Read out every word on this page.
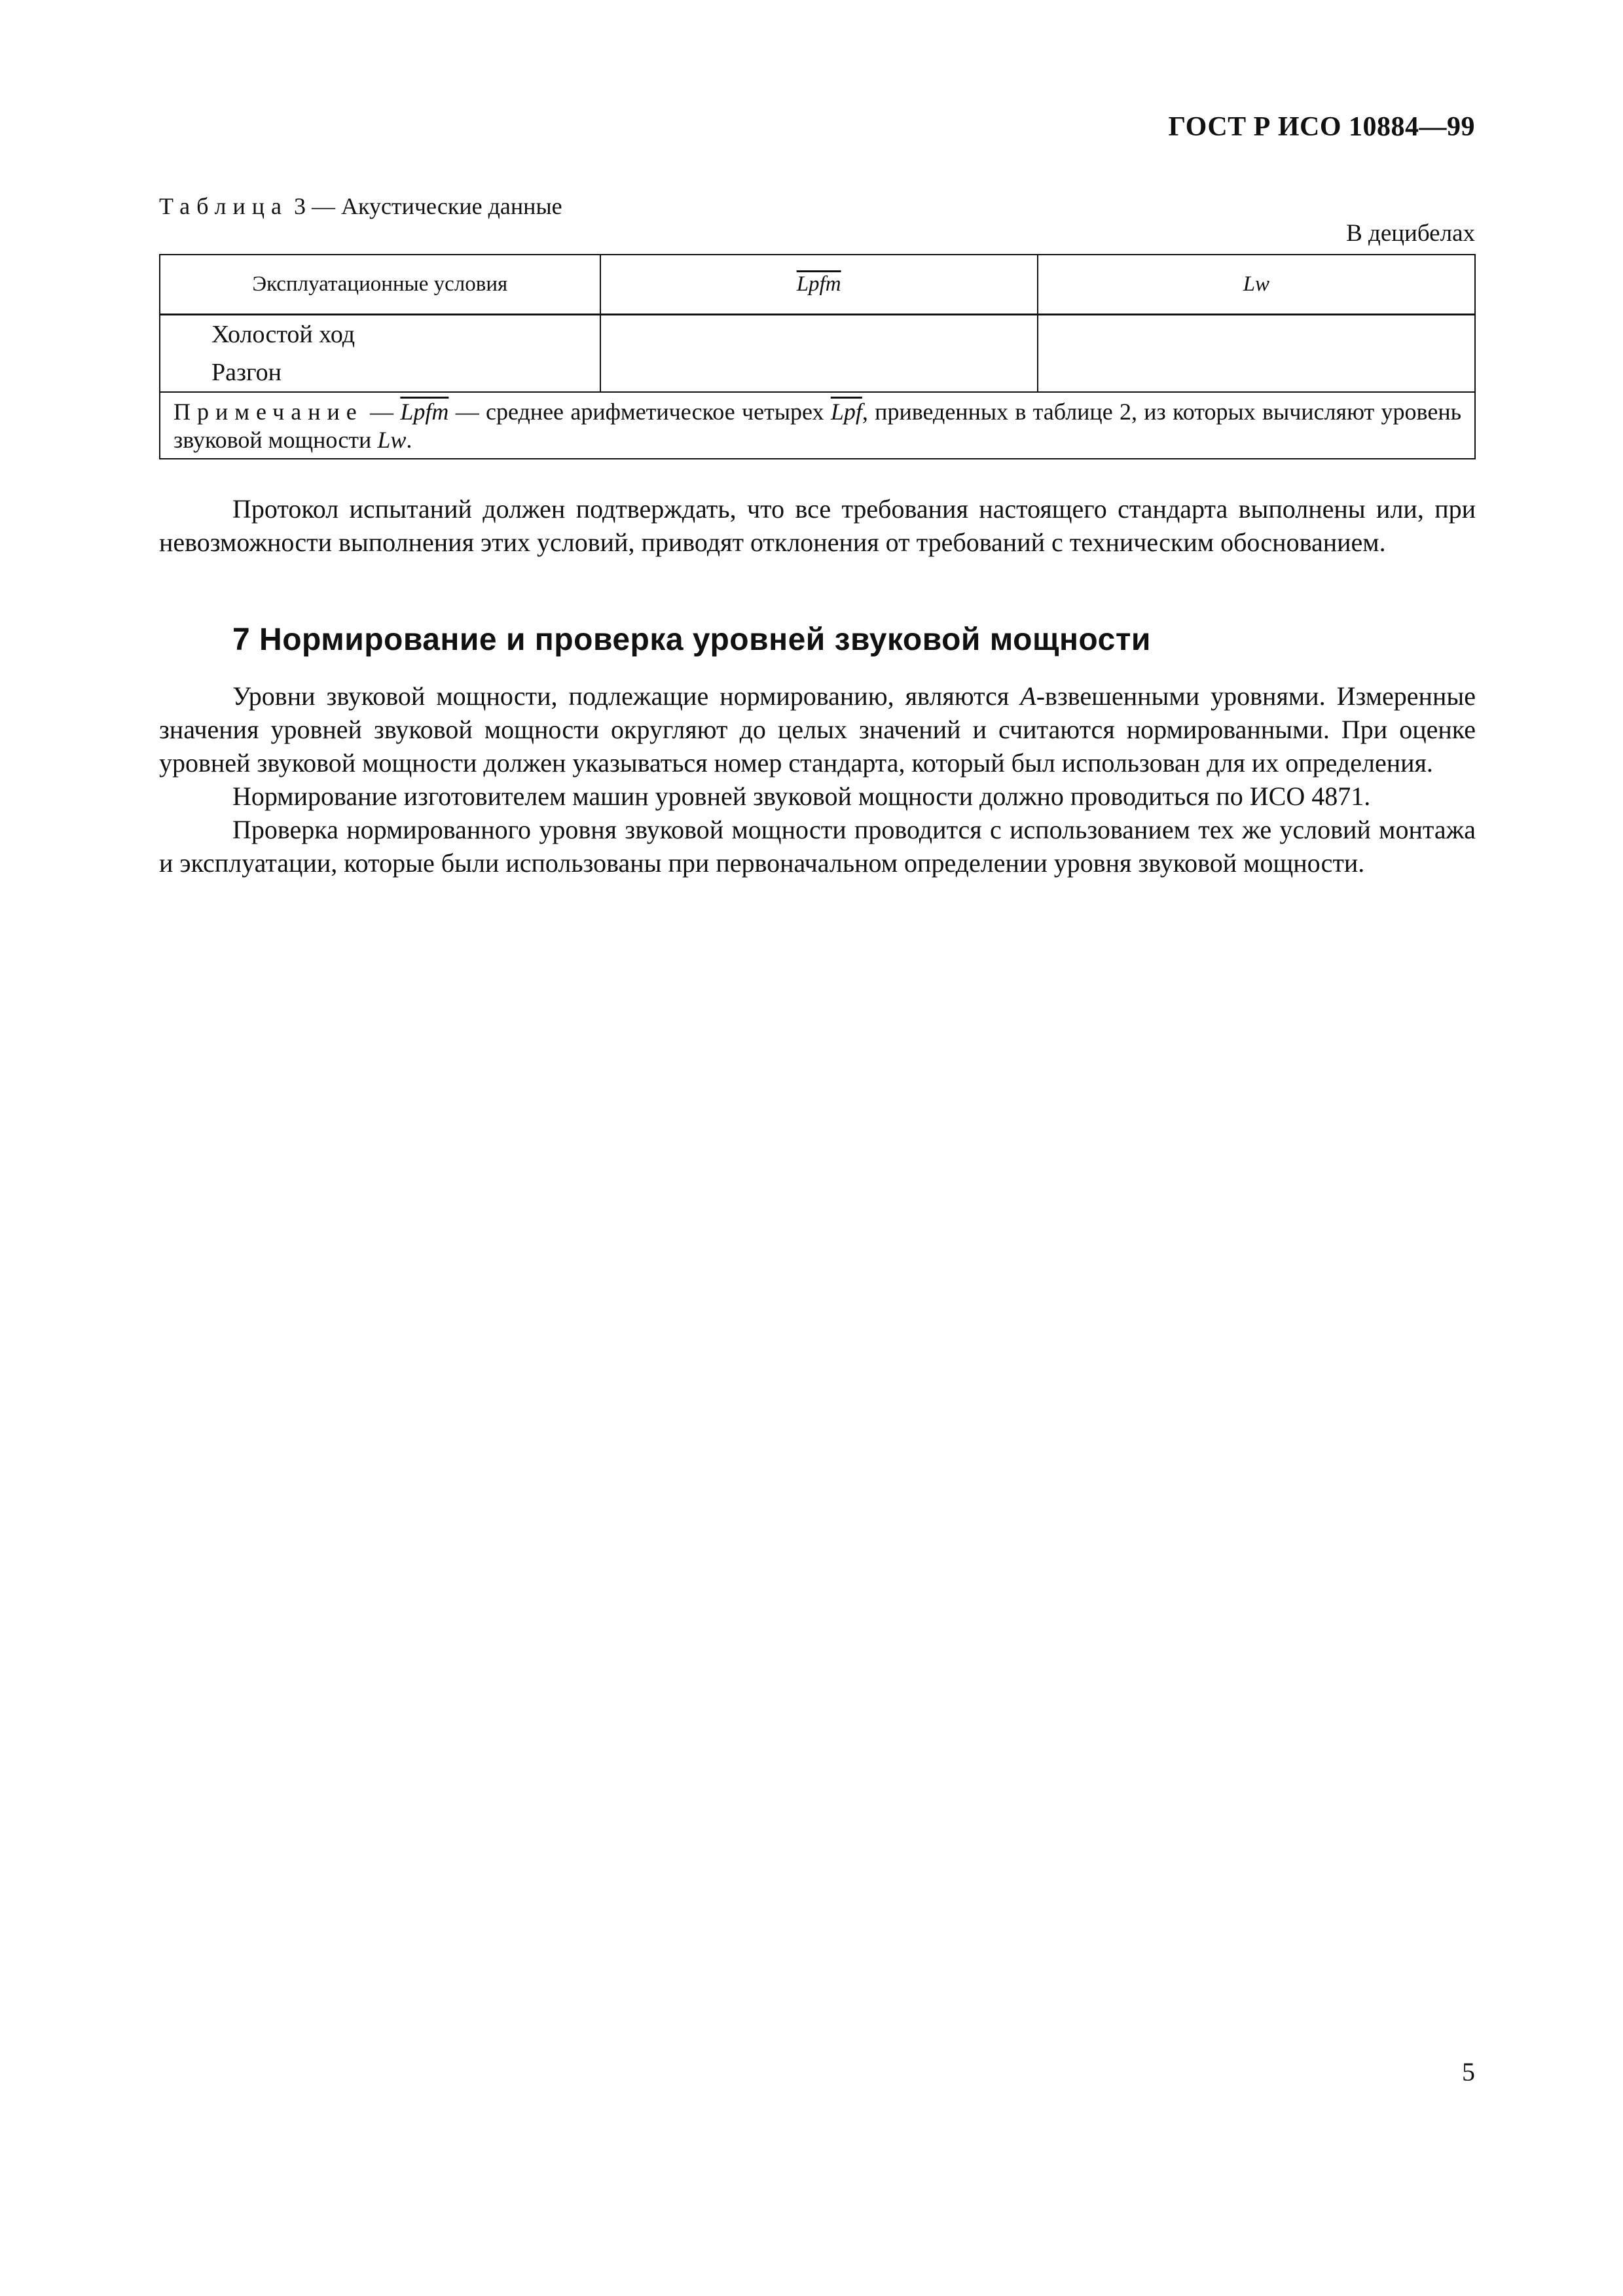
ГОСТ Р ИСО 10884—99
Таблица 3 — Акустические данные
В децибелах
Эксплуатационные условия	Lpfm	Lw

Холостой ход
Разгон		

Примечание — Lpfm — среднее арифметическое четырех $\overline{Lpf}$, приведенных в таблице 2, из которых вычисляют уровень звуковой мощности Lw.		

Протокол испытаний должен подтверждать, что все требования настоящего стандарта выполнены или, при невозможности выполнения этих условий, приводят отклонения от требований с техническим обоснованием.

7 Нормирование и проверка уровней звуковой мощности

Уровни звуковой мощности, подлежащие нормированию, являются A-взвешенными уровнями. Измеренные значения уровней звуковой мощности округляют до целых значений и считаются нормированными. При оценке уровней звуковой мощности должен указываться номер стандарта, который был использован для их определения.

Нормирование изготовителем машин уровней звуковой мощности должно проводиться по ИСО 4871.

Проверка нормированного уровня звуковой мощности проводится с использованием тех же условий монтажа и эксплуатации, которые были использованы при первоначальном определении уровня звуковой мощности.

5
